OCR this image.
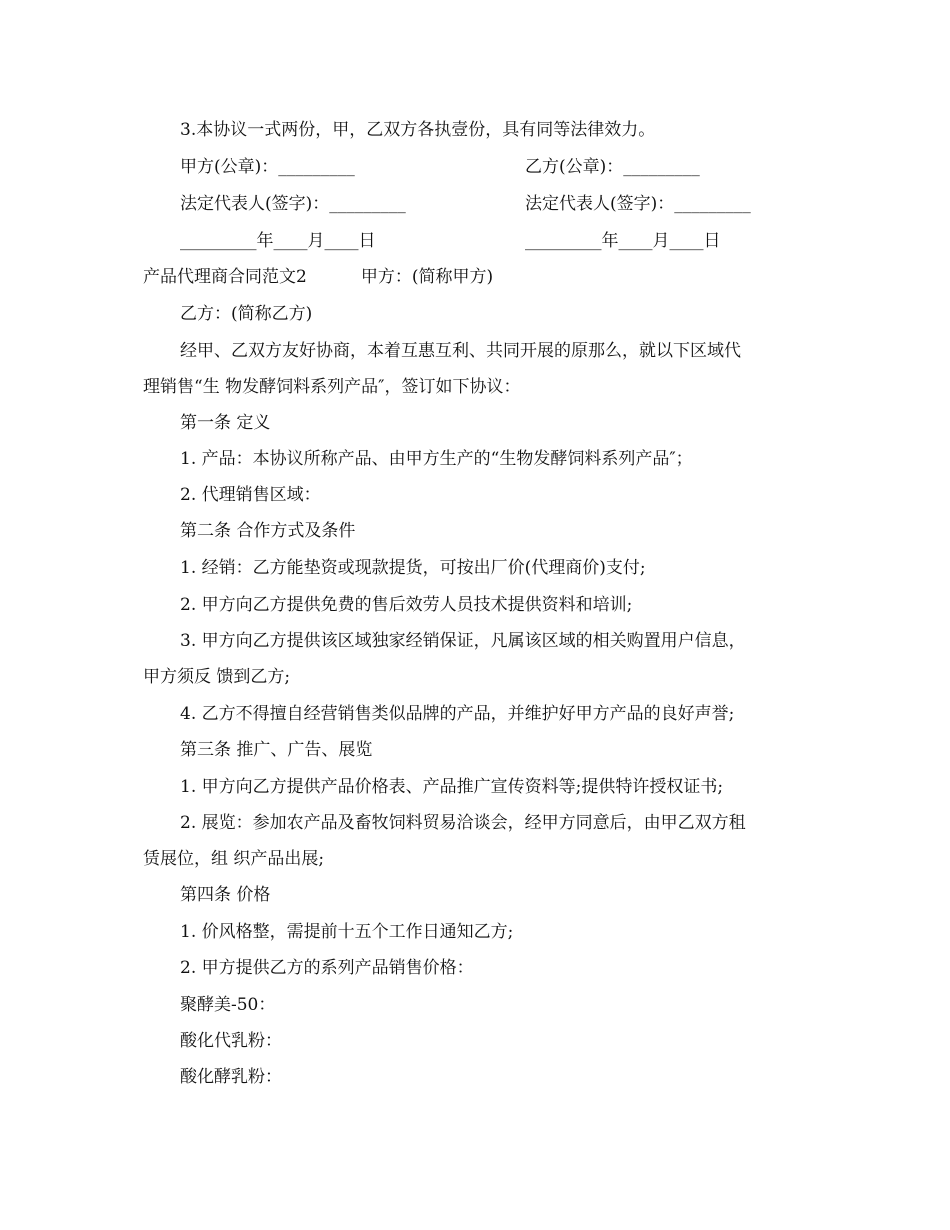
3.本协议一式两份，甲，乙双方各执壹份，具有同等法律效力。
甲方(公章)：_________	乙方(公章)：_________
法定代表人(签字)：_________	法定代表人(签字)：_________
_________年____月____日	_________年____月____日
产品代理商合同范文2	甲方：(简称甲方)
乙方：(简称乙方)
经甲、乙双方友好协商，本着互惠互利、共同开展的原那么，就以下区域代
理销售“生 物发酵饲料系列产品″，签订如下协议：
第一条 定义
1. 产品：本协议所称产品、由甲方生产的“生物发酵饲料系列产品″；
2. 代理销售区域：
第二条 合作方式及条件
1. 经销：乙方能垫资或现款提货，可按出厂价(代理商价)支付;
2. 甲方向乙方提供免费的售后效劳人员技术提供资料和培训;
3. 甲方向乙方提供该区域独家经销保证，凡属该区域的相关购置用户信息，
甲方须反 馈到乙方;
4. 乙方不得擅自经营销售类似品牌的产品，并维护好甲方产品的良好声誉;
第三条 推广、广告、展览
1. 甲方向乙方提供产品价格表、产品推广宣传资料等;提供特许授权证书;
2. 展览：参加农产品及畜牧饲料贸易洽谈会，经甲方同意后，由甲乙双方租
赁展位，组 织产品出展;
第四条 价格
1. 价风格整，需提前十五个工作日通知乙方;
2. 甲方提供乙方的系列产品销售价格：
聚酵美-50：
酸化代乳粉：
酸化酵乳粉：
